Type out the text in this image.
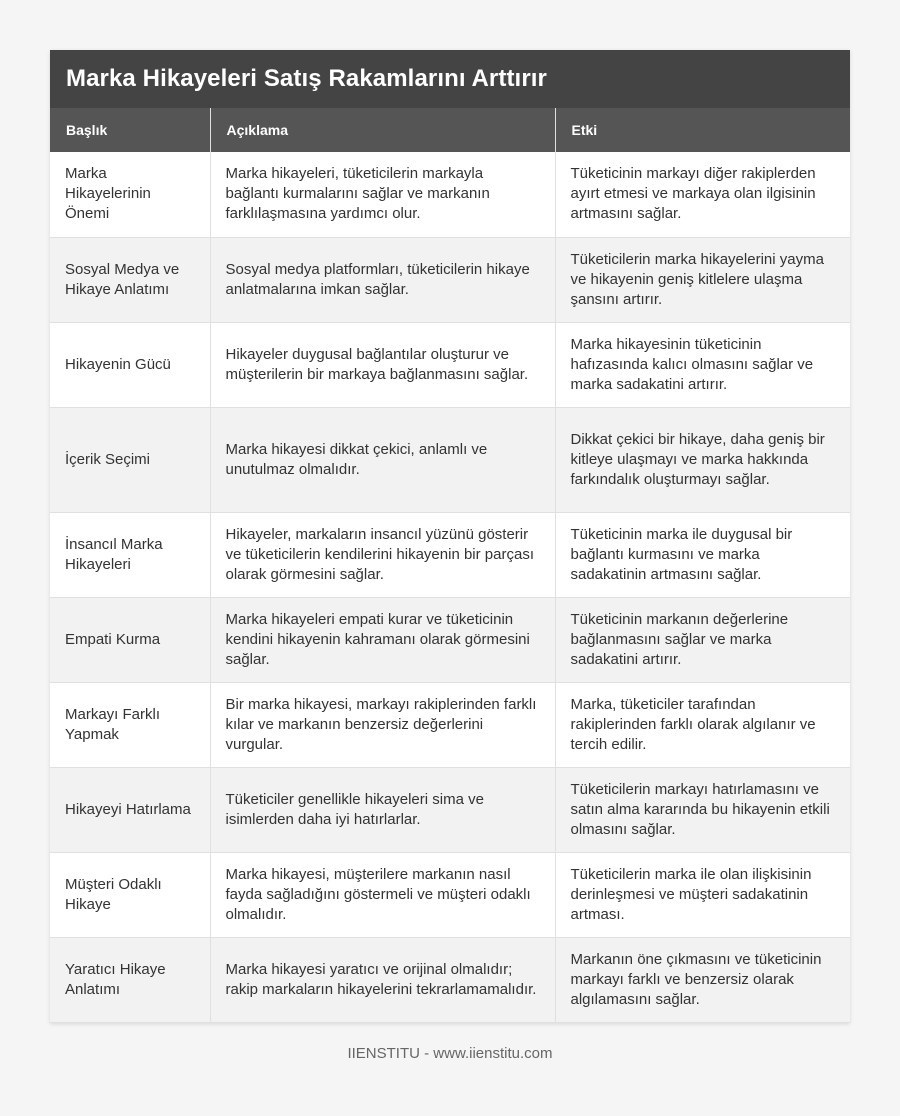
Marka Hikayeleri Satış Rakamlarını Arttırır
Başlık	Açıklama	Etki
Marka Hikayelerinin Önemi	Marka hikayeleri, tüketicilerin markayla bağlantı kurmalarını sağlar ve markanın farklılaşmasına yardımcı olur.	Tüketicinin markayı diğer rakiplerden ayırt etmesi ve markaya olan ilgisinin artmasını sağlar.
Sosyal Medya ve Hikaye Anlatımı	Sosyal medya platformları, tüketicilerin hikaye anlatmalarına imkan sağlar.	Tüketicilerin marka hikayelerini yayma ve hikayenin geniş kitlelere ulaşma şansını artırır.
Hikayenin Gücü	Hikayeler duygusal bağlantılar oluşturur ve müşterilerin bir markaya bağlanmasını sağlar.	Marka hikayesinin tüketicinin hafızasında kalıcı olmasını sağlar ve marka sadakatini artırır.
İçerik Seçimi	Marka hikayesi dikkat çekici, anlamlı ve unutulmaz olmalıdır.	Dikkat çekici bir hikaye, daha geniş bir kitleye ulaşmayı ve marka hakkında farkındalık oluşturmayı sağlar.
İnsancıl Marka Hikayeleri	Hikayeler, markaların insancıl yüzünü gösterir ve tüketicilerin kendilerini hikayenin bir parçası olarak görmesini sağlar.	Tüketicinin marka ile duygusal bir bağlantı kurmasını ve marka sadakatinin artmasını sağlar.
Empati Kurma	Marka hikayeleri empati kurar ve tüketicinin kendini hikayenin kahramanı olarak görmesini sağlar.	Tüketicinin markanın değerlerine bağlanmasını sağlar ve marka sadakatini artırır.
Markayı Farklı Yapmak	Bir marka hikayesi, markayı rakiplerinden farklı kılar ve markanın benzersiz değerlerini vurgular.	Marka, tüketiciler tarafından rakiplerinden farklı olarak algılanır ve tercih edilir.
Hikayeyi Hatırlama	Tüketiciler genellikle hikayeleri sima ve isimlerden daha iyi hatırlarlar.	Tüketicilerin markayı hatırlamasını ve satın alma kararında bu hikayenin etkili olmasını sağlar.
Müşteri Odaklı Hikaye	Marka hikayesi, müşterilere markanın nasıl fayda sağladığını göstermeli ve müşteri odaklı olmalıdır.	Tüketicilerin marka ile olan ilişkisinin derinleşmesi ve müşteri sadakatinin artması.
Yaratıcı Hikaye Anlatımı	Marka hikayesi yaratıcı ve orijinal olmalıdır; rakip markaların hikayelerini tekrarlamamalıdır.	Markanın öne çıkmasını ve tüketicinin markayı farklı ve benzersiz olarak algılamasını sağlar.
IIENSTITU - www.iienstitu.com
